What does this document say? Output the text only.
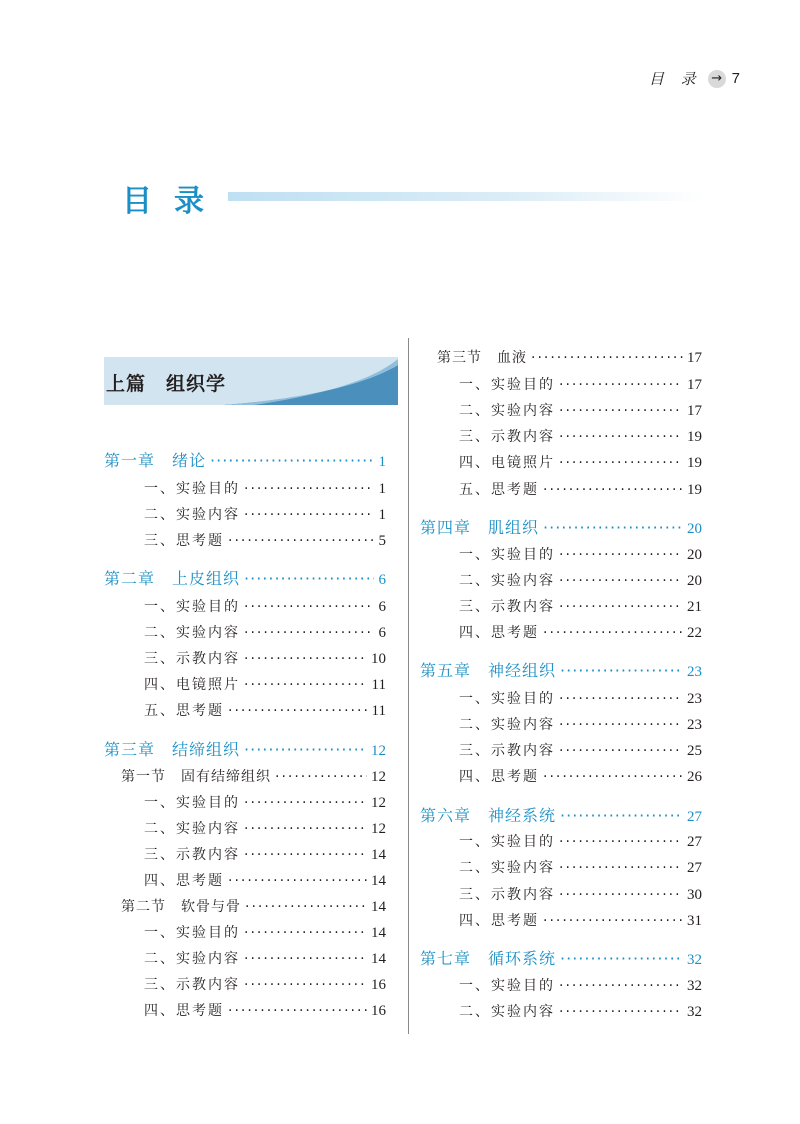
目 录 → 7
目录
上篇　组织学
第一章　绪论 ·····	1
一、实验目的 ·····	1
二、实验内容 ·····	1
三、思考题 ·····	5
第二章　上皮组织 ·····	6
一、实验目的 ·····	6
二、实验内容 ·····	6
三、示教内容 ·····	10
四、电镜照片 ·····	11
五、思考题 ·····	11
第三章　结缔组织 ·····	12
第一节　固有结缔组织 ·····	12
一、实验目的 ·····	12
二、实验内容 ·····	12
三、示教内容 ·····	14
四、思考题 ·····	14
第二节　软骨与骨 ·····	14
一、实验目的 ·····	14
二、实验内容 ·····	14
三、示教内容 ·····	16
四、思考题 ·····	16
第三节　血液 ·····	17
一、实验目的 ·····	17
二、实验内容 ·····	17
三、示教内容 ·····	19
四、电镜照片 ·····	19
五、思考题 ·····	19
第四章　肌组织 ·····	20
一、实验目的 ·····	20
二、实验内容 ·····	20
三、示教内容 ·····	21
四、思考题 ·····	22
第五章　神经组织 ·····	23
一、实验目的 ·····	23
二、实验内容 ·····	23
三、示教内容 ·····	25
四、思考题 ·····	26
第六章　神经系统 ·····	27
一、实验目的 ·····	27
二、实验内容 ·····	27
三、示教内容 ·····	30
四、思考题 ·····	31
第七章　循环系统 ·····	32
一、实验目的 ·····	32
二、实验内容 ·····	32
